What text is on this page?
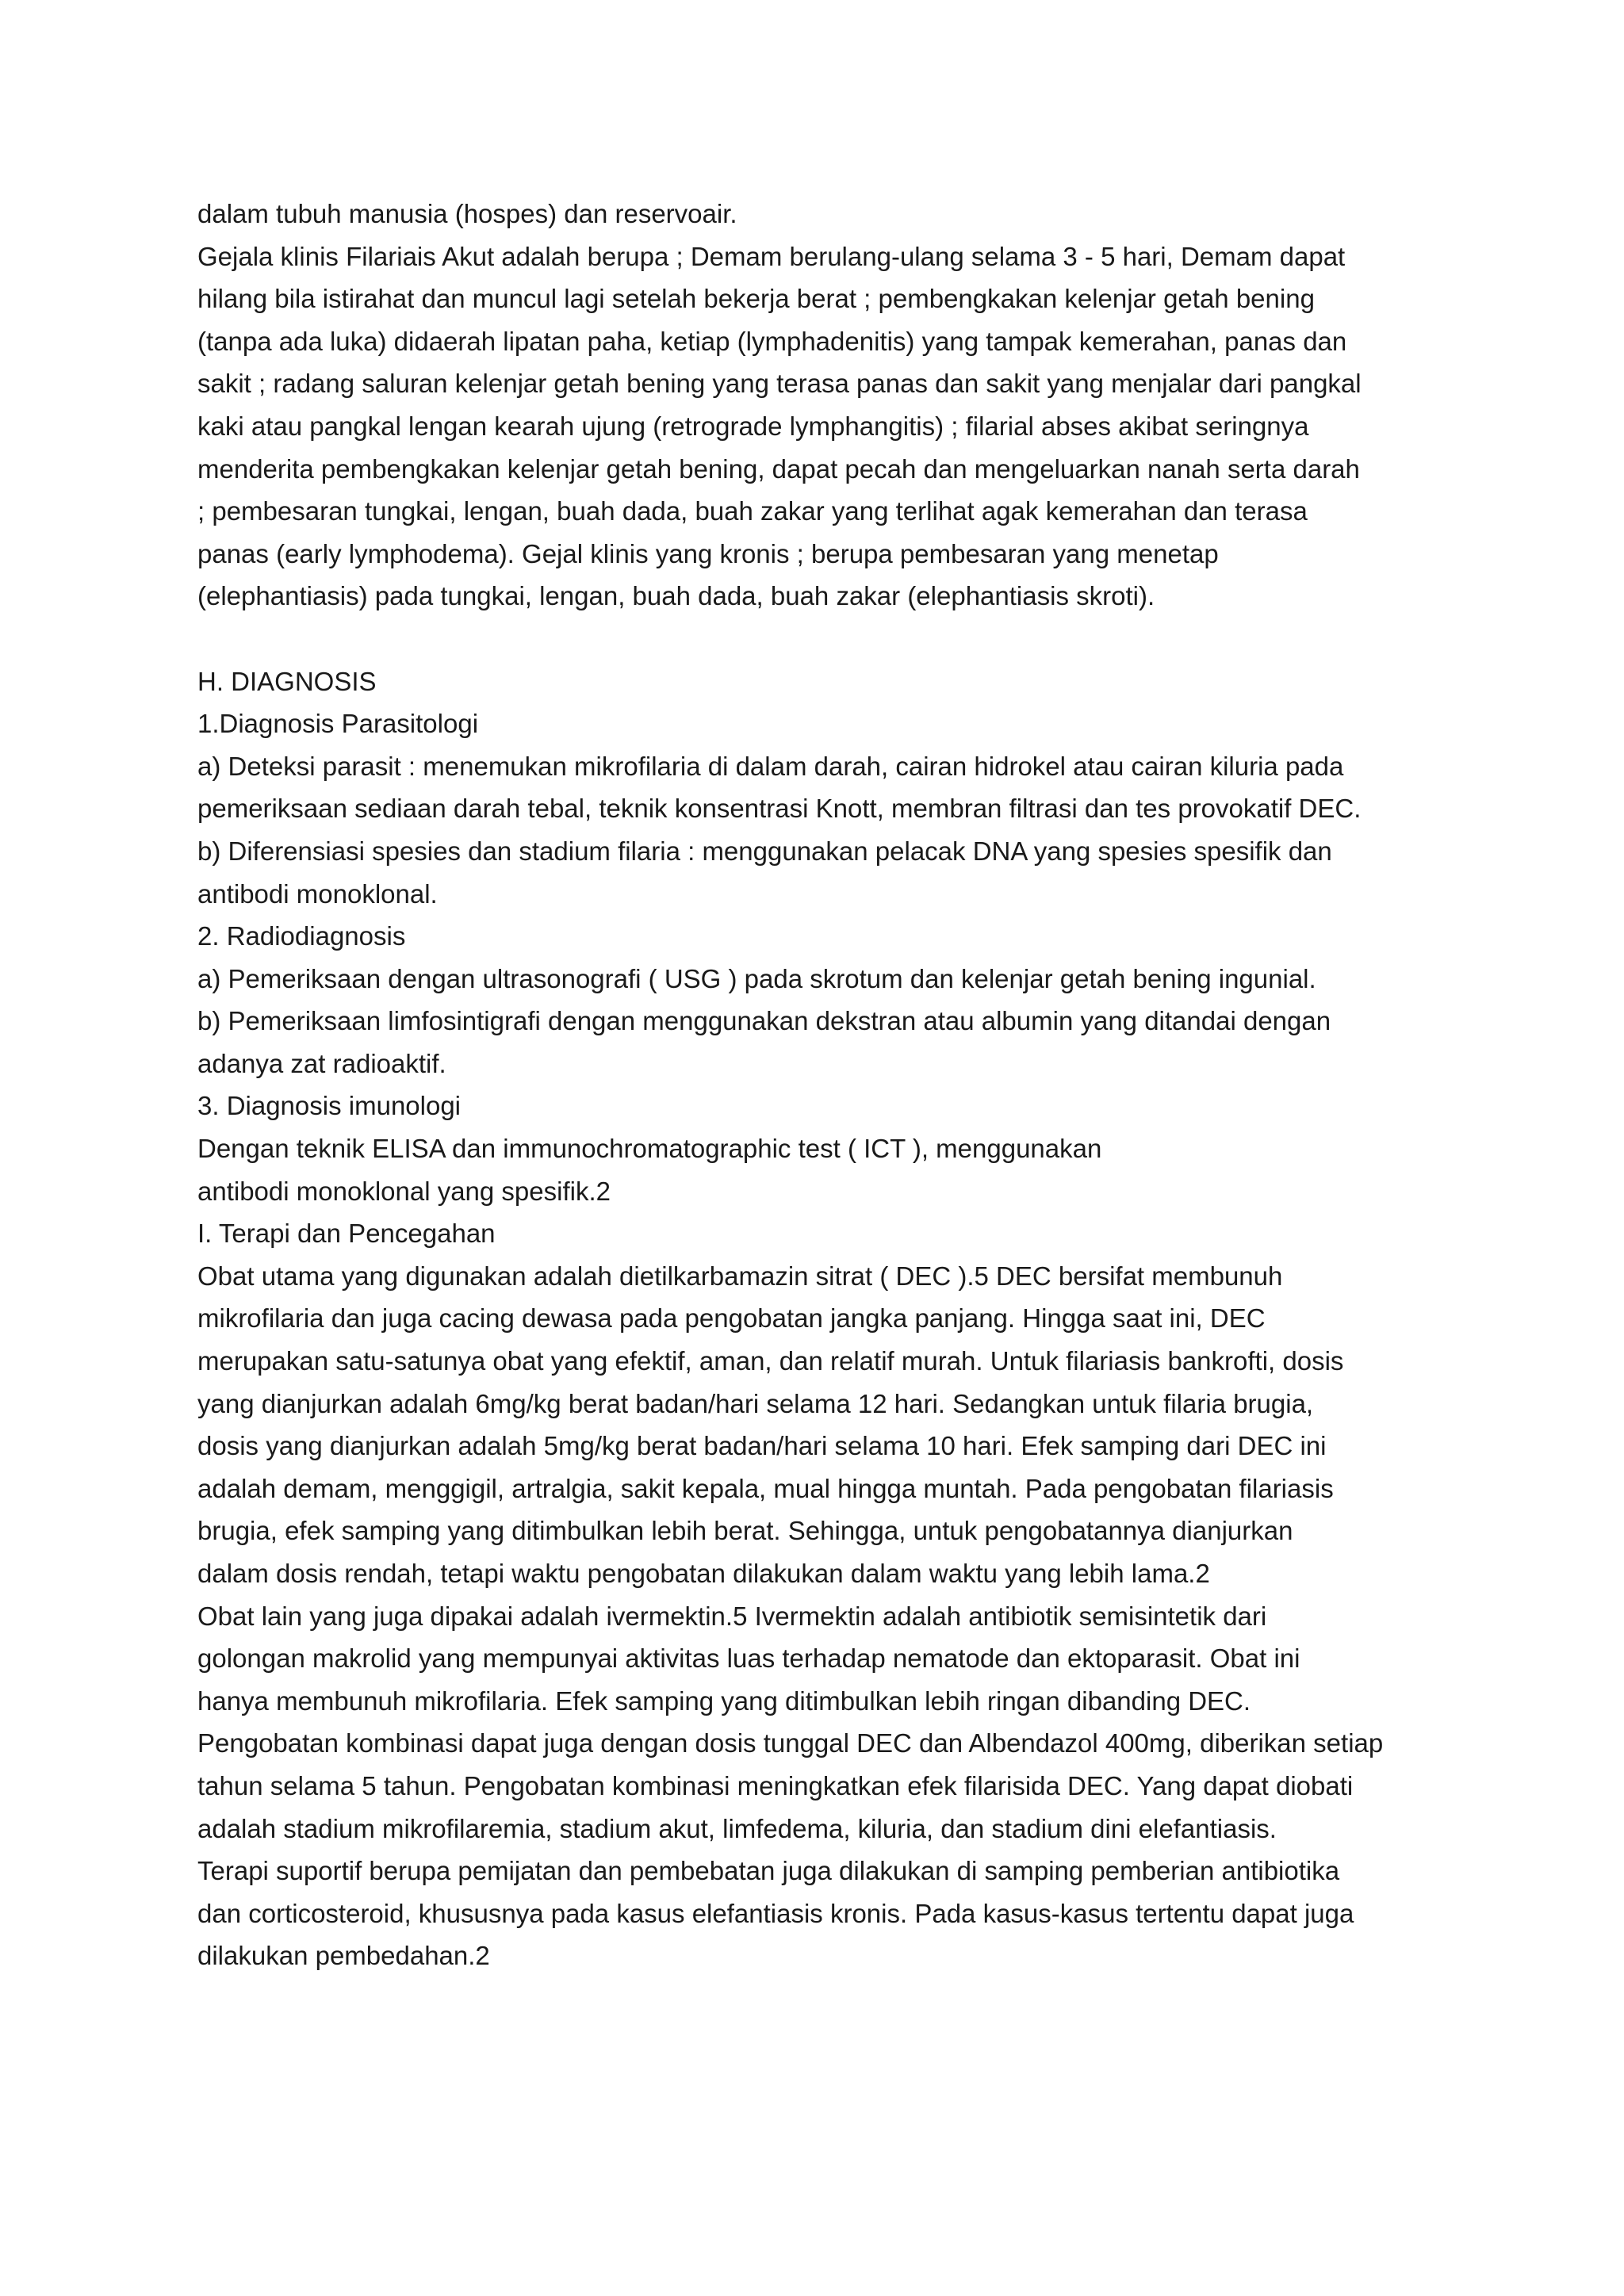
dalam tubuh manusia (hospes) dan reservoair.
Gejala klinis Filariais Akut adalah berupa ; Demam berulang-ulang selama 3 - 5 hari, Demam dapat
hilang bila istirahat dan muncul lagi setelah bekerja berat ; pembengkakan kelenjar getah bening
(tanpa ada luka) didaerah lipatan paha, ketiap (lymphadenitis) yang tampak kemerahan, panas dan
sakit ; radang saluran kelenjar getah bening yang terasa panas dan sakit yang menjalar dari pangkal
kaki atau pangkal lengan kearah ujung (retrograde lymphangitis) ; filarial abses akibat seringnya
menderita pembengkakan kelenjar getah bening, dapat pecah dan mengeluarkan nanah serta darah
; pembesaran tungkai, lengan, buah dada, buah zakar yang terlihat agak kemerahan dan terasa
panas (early lymphodema). Gejal klinis yang kronis ; berupa pembesaran yang menetap
(elephantiasis) pada tungkai, lengan, buah dada, buah zakar (elephantiasis skroti).
H. DIAGNOSIS
1.Diagnosis Parasitologi
a) Deteksi parasit : menemukan mikrofilaria di dalam darah, cairan hidrokel atau cairan kiluria pada
pemeriksaan sediaan darah tebal, teknik konsentrasi Knott, membran filtrasi dan tes provokatif DEC.
b) Diferensiasi spesies dan stadium filaria : menggunakan pelacak DNA yang spesies spesifik dan
antibodi monoklonal.
2. Radiodiagnosis
a) Pemeriksaan dengan ultrasonografi ( USG ) pada skrotum dan kelenjar getah bening ingunial.
b) Pemeriksaan limfosintigrafi dengan menggunakan dekstran atau albumin yang ditandai dengan
adanya zat radioaktif.
3. Diagnosis imunologi
Dengan teknik ELISA dan immunochromatographic test ( ICT ), menggunakan
antibodi monoklonal yang spesifik.2
I. Terapi dan Pencegahan
Obat utama yang digunakan adalah dietilkarbamazin sitrat ( DEC ).5 DEC bersifat membunuh
mikrofilaria dan juga cacing dewasa pada pengobatan jangka panjang. Hingga saat ini, DEC
merupakan satu-satunya obat yang efektif, aman, dan relatif murah. Untuk filariasis bankrofti, dosis
yang dianjurkan adalah 6mg/kg berat badan/hari selama 12 hari. Sedangkan untuk filaria brugia,
dosis yang dianjurkan adalah 5mg/kg berat badan/hari selama 10 hari. Efek samping dari DEC ini
adalah demam, menggigil, artralgia, sakit kepala, mual hingga muntah. Pada pengobatan filariasis
brugia, efek samping yang ditimbulkan lebih berat. Sehingga, untuk pengobatannya dianjurkan
dalam dosis rendah, tetapi waktu pengobatan dilakukan dalam waktu yang lebih lama.2
Obat lain yang juga dipakai adalah ivermektin.5 Ivermektin adalah antibiotik semisintetik dari
golongan makrolid yang mempunyai aktivitas luas terhadap nematode dan ektoparasit. Obat ini
hanya membunuh mikrofilaria. Efek samping yang ditimbulkan lebih ringan dibanding DEC.
Pengobatan kombinasi dapat juga dengan dosis tunggal DEC dan Albendazol 400mg, diberikan setiap
tahun selama 5 tahun. Pengobatan kombinasi meningkatkan efek filarisida DEC. Yang dapat diobati
adalah stadium mikrofilaremia, stadium akut, limfedema, kiluria, dan stadium dini elefantiasis.
Terapi suportif berupa pemijatan dan pembebatan juga dilakukan di samping pemberian antibiotika
dan corticosteroid, khususnya pada kasus elefantiasis kronis. Pada kasus-kasus tertentu dapat juga
dilakukan pembedahan.2
